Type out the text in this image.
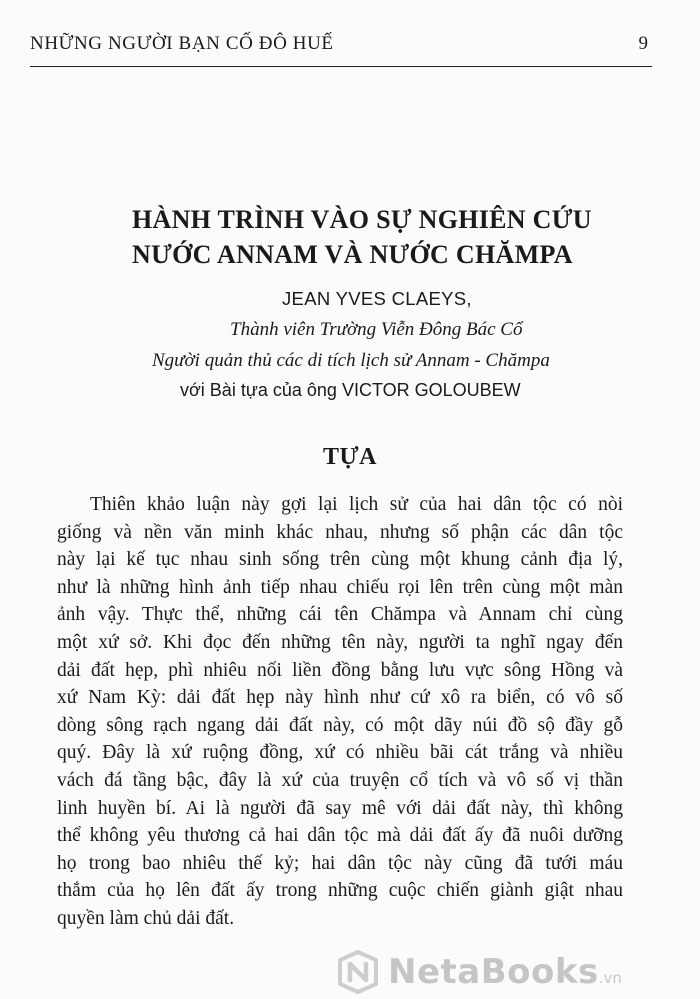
NHỮNG NGƯỜI BẠN CỐ ĐÔ HUẾ	9
HÀNH TRÌNH VÀO SỰ NGHIÊN CỨU
NƯỚC ANNAM VÀ NƯỚC CHĂMPA
JEAN YVES CLAEYS,
Thành viên Trường Viễn Đông Bác Cổ
Người quản thủ các di tích lịch sử Annam - Chămpa
với Bài tựa của ông VICTOR GOLOUBEW
TỰA
Thiên khảo luận này gợi lại lịch sử của hai dân tộc có nòi
giống và nền văn minh khác nhau, nhưng số phận các dân tộc
này lại kế tục nhau sinh sống trên cùng một khung cảnh địa lý,
như là những hình ảnh tiếp nhau chiếu rọi lên trên cùng một màn
ảnh vậy. Thực thể, những cái tên Chămpa và Annam chỉ cùng
một xứ sở. Khi đọc đến những tên này, người ta nghĩ ngay đến
dải đất hẹp, phì nhiêu nối liền đồng bằng lưu vực sông Hồng và
xứ Nam Kỳ: dải đất hẹp này hình như cứ xô ra biển, có vô số
dòng sông rạch ngang dải đất này, có một dãy núi đồ sộ đầy gỗ
quý. Đây là xứ ruộng đồng, xứ có nhiều bãi cát trắng và nhiều
vách đá tầng bậc, đây là xứ của truyện cổ tích và vô số vị thần
linh huyền bí. Ai là người đã say mê với dải đất này, thì không
thể không yêu thương cả hai dân tộc mà dải đất ấy đã nuôi dưỡng
họ trong bao nhiêu thế kỷ; hai dân tộc này cũng đã tưới máu
thắm của họ lên đất ấy trong những cuộc chiến giành giật nhau
quyền làm chủ dải đất.
NetaBooks.vn
